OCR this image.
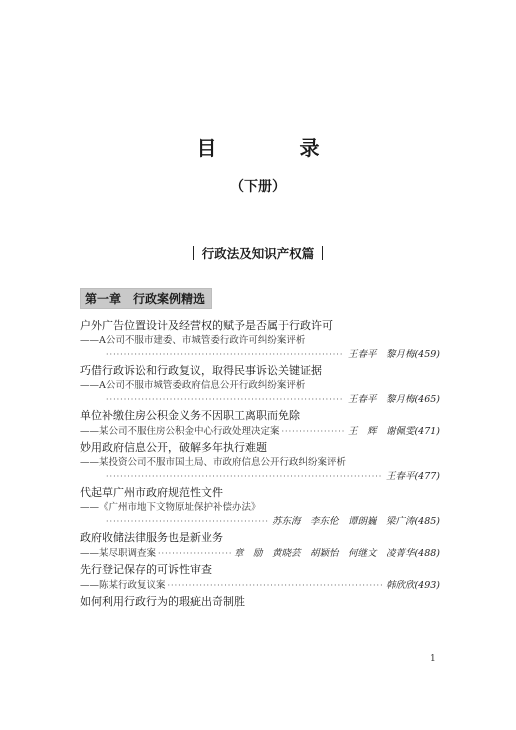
目 录
（下册）
行政法及知识产权篇
第一章　行政案例精选
户外广告位置设计及经营权的赋予是否属于行政许可
——A公司不服市建委、市城管委行政许可纠纷案评析
·····
王春平　黎月梅(459)
巧借行政诉讼和行政复议，取得民事诉讼关键证据
——A公司不服市城管委政府信息公开行政纠纷案评析
·····
王春平　黎月梅(465)
单位补缴住房公积金义务不因职工离职而免除
——某公司不服住房公积金中心行政处理决定案 ·····	王　辉　谢佩雯(471)
妙用政府信息公开，破解多年执行难题
——某投资公司不服市国土局、市政府信息公开行政纠纷案评析
·····
王春平(477)
代起草广州市政府规范性文件
——《广州市地下文物原址保护补偿办法》
·····
苏东海　李东伦　谭朗巍　梁广涛(485)
政府收储法律服务也是新业务
——某尽职调查案 ·····	章　励　黄晓芸　胡颖怡　何继文　凌菁华(488)
先行登记保存的可诉性审查
——陈某行政复议案 ·····	韩欣欣(493)
如何利用行政行为的瑕疵出奇制胜
1
